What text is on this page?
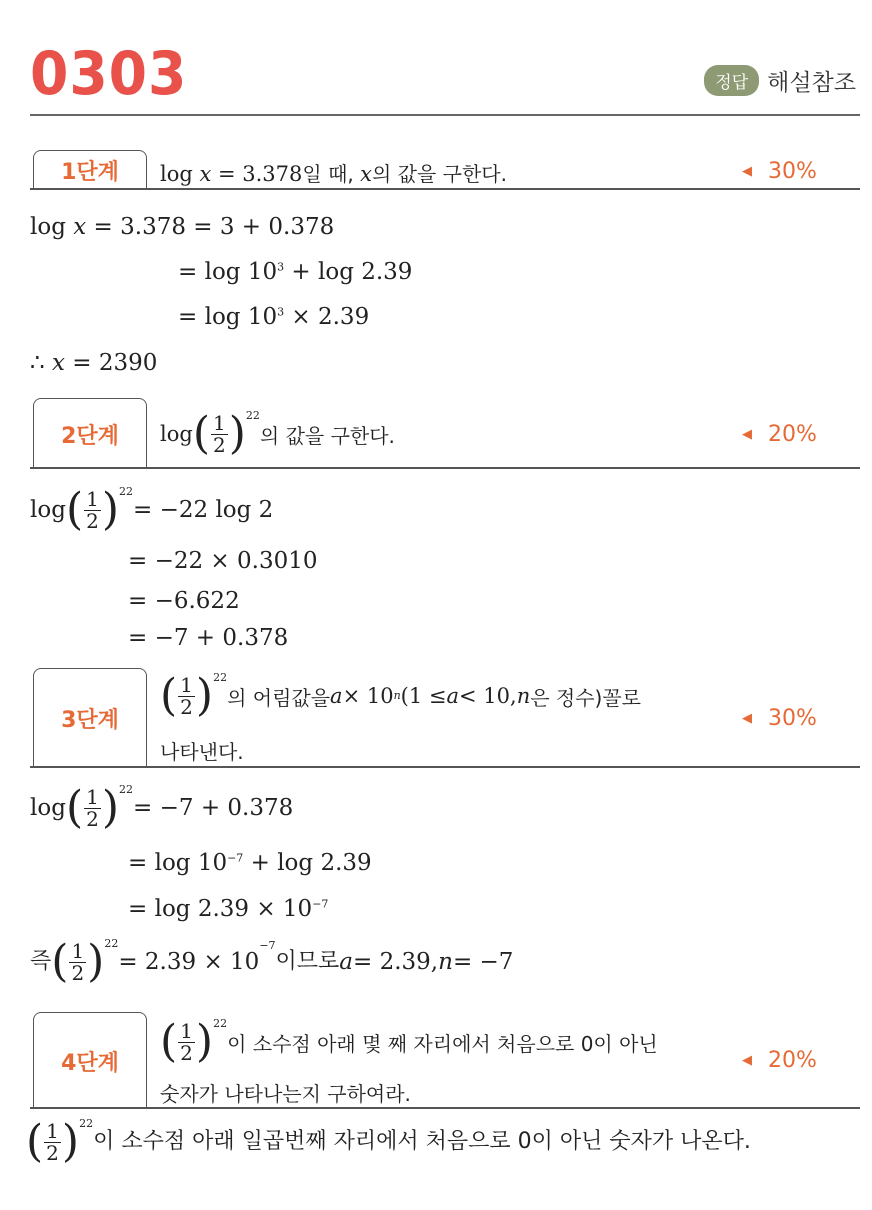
0303	정답 해설참조
1단계	log x = 3.378일 때, x의 값을 구한다.	◀ 30%
log x = 3.378 = 3 + 0.378
= $\log 10^3 + \log 2.39$
= $\log 10^3 \times 2.39$
∴ x = 2390
2단계	log ( $\frac{1}{2}$ ) 22
의 값을 구한다.	◀ 20%
log ( $\frac{1}{2}$ ) 22
= −22 log 2
= −22 × 0.3010
= −6.622
= −7 + 0.378
3단계 ( $\frac{1}{2}$ ) 22
의 어림값을 a × 10 n (1 ≤ a < 10, n 은 정수)꼴로
나타낸다.
◀ 30%
log ( $\frac{1}{2}$ ) 22
= −7 + 0.378
= $\log 10^{-7} + \log 2.39$
= $\log 2.39 \times 10^{-7}$
즉 ( $\frac{1}{2}$ ) 22
= 2.39 × 10
−7
이므로 a = 2.39, n = −7
4단계 ( $\frac{1}{2}$ ) 22
이 소수점 아래 몇 째 자리에서 처음으로 0이 아닌
숫자가 나타나는지 구하여라.
◀ 20%
( $\frac{1}{2}$ ) 22
이 소수점 아래 일곱번째 자리에서 처음으로 0이 아닌 숫자가 나온다.
